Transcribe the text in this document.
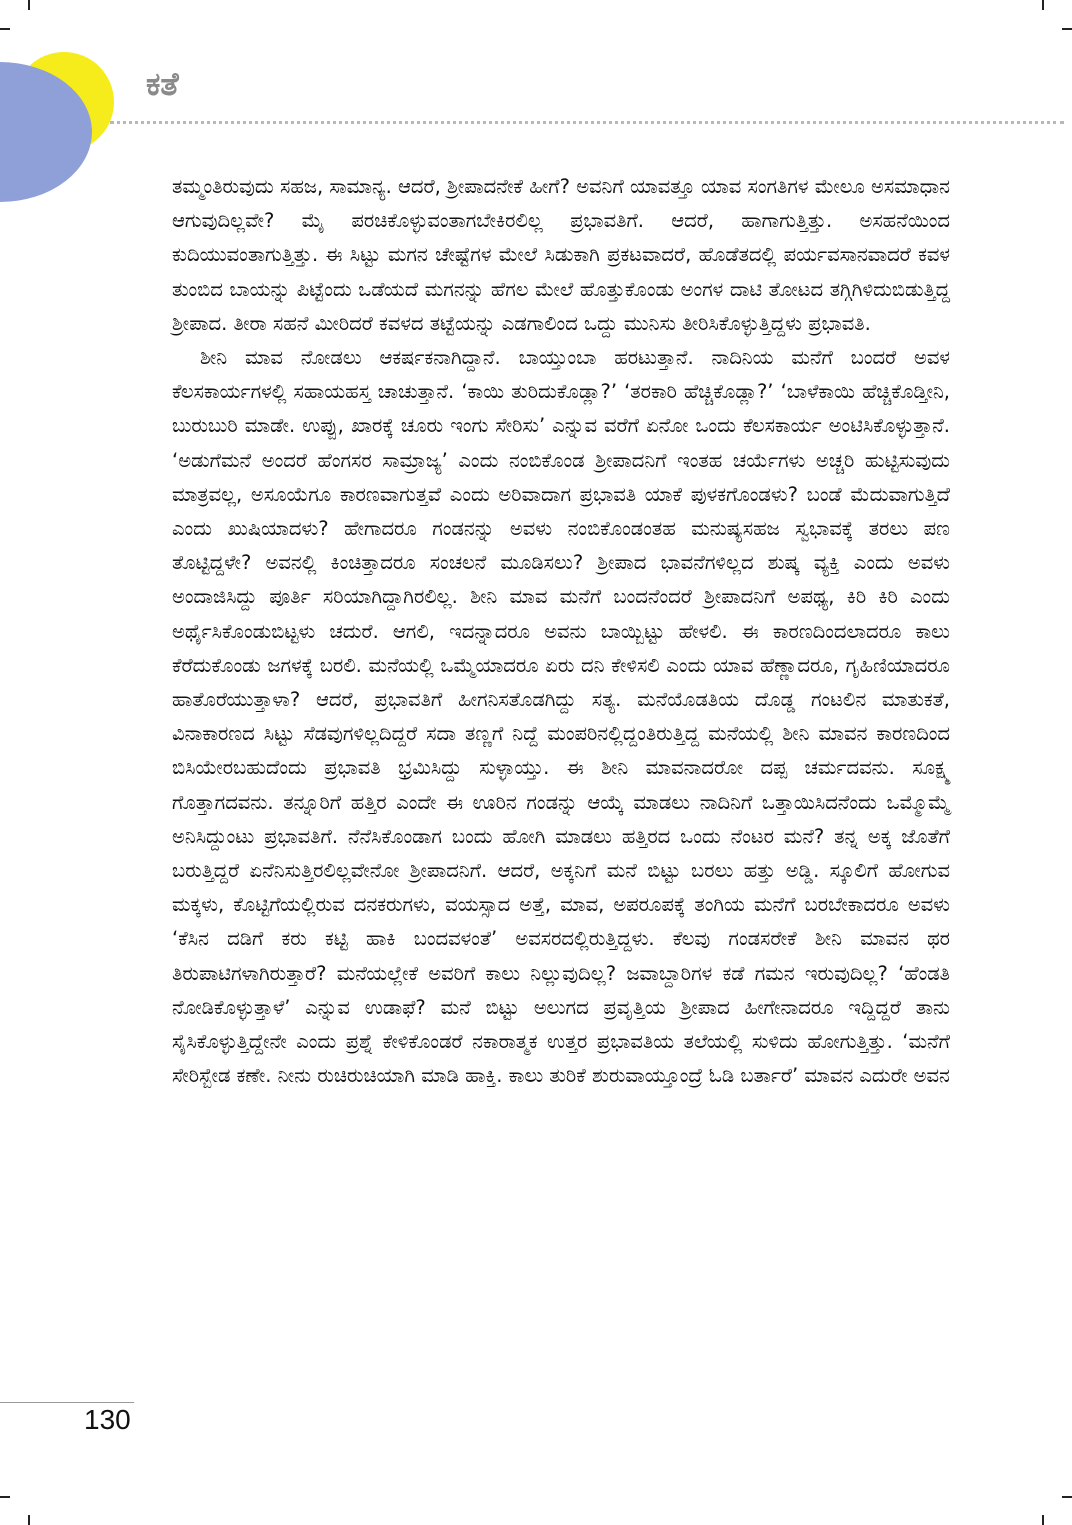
ಕತೆ

ತಮ್ಮಂತಿರುವುದು ಸಹಜ, ಸಾಮಾನ್ಯ. ಆದರೆ, ಶ್ರೀಪಾದನೇಕೆ ಹೀಗೆ? ಅವನಿಗೆ ಯಾವತ್ತೂ ಯಾವ ಸಂಗತಿಗಳ ಮೇಲೂ ಅಸಮಾಧಾನ ಆಗುವುದಿಲ್ಲವೇ? ಮೈ ಪರಚಿಕೊಳ್ಳುವಂತಾಗಬೇಕಿರಲಿಲ್ಲ ಪ್ರಭಾವತಿಗೆ. ಆದರೆ, ಹಾಗಾಗುತ್ತಿತ್ತು. ಅಸಹನೆಯಿಂದ ಕುದಿಯುವಂತಾಗುತ್ತಿತ್ತು. ಈ ಸಿಟ್ಟು ಮಗನ ಚೇಷ್ಟೆಗಳ ಮೇಲೆ ಸಿಡುಕಾಗಿ ಪ್ರಕಟವಾದರೆ, ಹೊಡೆತದಲ್ಲಿ ಪರ್ಯವಸಾನವಾದರೆ ಕವಳ ತುಂಬಿದ ಬಾಯನ್ನು ಪಿಟ್ಟೆಂದು ಒಡೆಯದೆ ಮಗನನ್ನು ಹೆಗಲ ಮೇಲೆ ಹೊತ್ತುಕೊಂಡು ಅಂಗಳ ದಾಟಿ ತೋಟದ ತಗ್ಗಿಗಿಳಿದುಬಿಡುತ್ತಿದ್ದ ಶ್ರೀಪಾದ. ತೀರಾ ಸಹನೆ ಮೀರಿದರೆ ಕವಳದ ತಟ್ಟೆಯನ್ನು ಎಡಗಾಲಿಂದ ಒದ್ದು ಮುನಿಸು ತೀರಿಸಿಕೊಳ್ಳುತ್ತಿದ್ದಳು ಪ್ರಭಾವತಿ.

ಶೀನಿ ಮಾವ ನೋಡಲು ಆಕರ್ಷಕನಾಗಿದ್ದಾನೆ. ಬಾಯ್ತುಂಬಾ ಹರಟುತ್ತಾನೆ. ನಾದಿನಿಯ ಮನೆಗೆ ಬಂದರೆ ಅವಳ ಕೆಲಸಕಾರ್ಯಗಳಲ್ಲಿ ಸಹಾಯಹಸ್ತ ಚಾಚುತ್ತಾನೆ. ‘ಕಾಯಿ ತುರಿದುಕೊಡ್ಲಾ?’ ‘ತರಕಾರಿ ಹೆಚ್ಚಿಕೊಡ್ಲಾ?’ ‘ಬಾಳೆಕಾಯಿ ಹೆಚ್ಚಿಕೊಡ್ತೀನಿ, ಬುರುಬುರಿ ಮಾಡೇ. ಉಪ್ಪು, ಖಾರಕ್ಕೆ ಚೂರು ಇಂಗು ಸೇರಿಸು’ ಎನ್ನುವ ವರೆಗೆ ಏನೋ ಒಂದು ಕೆಲಸಕಾರ್ಯ ಅಂಟಿಸಿಕೊಳ್ಳುತ್ತಾನೆ. ‘ಅಡುಗೆಮನೆ ಅಂದರೆ ಹೆಂಗಸರ ಸಾಮ್ರಾಜ್ಯ’ ಎಂದು ನಂಬಿಕೊಂಡ ಶ್ರೀಪಾದನಿಗೆ ಇಂತಹ ಚರ್ಯೆಗಳು ಅಚ್ಚರಿ ಹುಟ್ಟಿಸುವುದು ಮಾತ್ರವಲ್ಲ, ಅಸೂಯೆಗೂ ಕಾರಣವಾಗುತ್ತವೆ ಎಂದು ಅರಿವಾದಾಗ ಪ್ರಭಾವತಿ ಯಾಕೆ ಪುಳಕಗೊಂಡಳು? ಬಂಡೆ ಮೆದುವಾಗುತ್ತಿದೆ ಎಂದು ಖುಷಿಯಾದಳು? ಹೇಗಾದರೂ ಗಂಡನನ್ನು ಅವಳು ನಂಬಿಕೊಂಡಂತಹ ಮನುಷ್ಯಸಹಜ ಸ್ವಭಾವಕ್ಕೆ ತರಲು ಪಣ ತೊಟ್ಟಿದ್ದಳೇ? ಅವನಲ್ಲಿ ಕಿಂಚಿತ್ತಾದರೂ ಸಂಚಲನೆ ಮೂಡಿಸಲು? ಶ್ರೀಪಾದ ಭಾವನೆಗಳಿಲ್ಲದ ಶುಷ್ಕ ವ್ಯಕ್ತಿ ಎಂದು ಅವಳು ಅಂದಾಜಿಸಿದ್ದು ಪೂರ್ತಿ ಸರಿಯಾಗಿದ್ದಾಗಿರಲಿಲ್ಲ. ಶೀನಿ ಮಾವ ಮನೆಗೆ ಬಂದನೆಂದರೆ ಶ್ರೀಪಾದನಿಗೆ ಅಪಥ್ಯ, ಕಿರಿ ಕಿರಿ ಎಂದು ಅರ್ಥೈಸಿಕೊಂಡುಬಿಟ್ಟಳು ಚದುರೆ. ಆಗಲಿ, ಇದನ್ನಾದರೂ ಅವನು ಬಾಯ್ಬಿಟ್ಟು ಹೇಳಲಿ. ಈ ಕಾರಣದಿಂದಲಾದರೂ ಕಾಲು ಕೆರೆದುಕೊಂಡು ಜಗಳಕ್ಕೆ ಬರಲಿ. ಮನೆಯಲ್ಲಿ ಒಮ್ಮೆಯಾದರೂ ಏರು ದನಿ ಕೇಳಿಸಲಿ ಎಂದು ಯಾವ ಹೆಣ್ಣಾದರೂ, ಗೃಹಿಣಿಯಾದರೂ ಹಾತೊರೆಯುತ್ತಾಳಾ? ಆದರೆ, ಪ್ರಭಾವತಿಗೆ ಹೀಗನಿಸತೊಡಗಿದ್ದು ಸತ್ಯ. ಮನೆಯೊಡತಿಯ ದೊಡ್ಡ ಗಂಟಲಿನ ಮಾತುಕತೆ, ವಿನಾಕಾರಣದ ಸಿಟ್ಟು ಸೆಡವುಗಳಿಲ್ಲದಿದ್ದರೆ ಸದಾ ತಣ್ಣಗೆ ನಿದ್ದೆ ಮಂಪರಿನಲ್ಲಿದ್ದಂತಿರುತ್ತಿದ್ದ ಮನೆಯಲ್ಲಿ ಶೀನಿ ಮಾವನ ಕಾರಣದಿಂದ ಬಿಸಿಯೇರಬಹುದೆಂದು ಪ್ರಭಾವತಿ ಭ್ರಮಿಸಿದ್ದು ಸುಳ್ಳಾಯ್ತು. ಈ ಶೀನಿ ಮಾವನಾದರೋ ದಪ್ಪ ಚರ್ಮದವನು. ಸೂಕ್ಷ್ಮ ಗೊತ್ತಾಗದವನು. ತನ್ನೂರಿಗೆ ಹತ್ತಿರ ಎಂದೇ ಈ ಊರಿನ ಗಂಡನ್ನು ಆಯ್ಕೆ ಮಾಡಲು ನಾದಿನಿಗೆ ಒತ್ತಾಯಿಸಿದನೆಂದು ಒಮ್ಮೊಮ್ಮೆ ಅನಿಸಿದ್ದುಂಟು ಪ್ರಭಾವತಿಗೆ. ನೆನೆಸಿಕೊಂಡಾಗ ಬಂದು ಹೋಗಿ ಮಾಡಲು ಹತ್ತಿರದ ಒಂದು ನೆಂಟರ ಮನೆ? ತನ್ನ ಅಕ್ಕ ಜೊತೆಗೆ ಬರುತ್ತಿದ್ದರೆ ಏನೆನಿಸುತ್ತಿರಲಿಲ್ಲವೇನೋ ಶ್ರೀಪಾದನಿಗೆ. ಆದರೆ, ಅಕ್ಕನಿಗೆ ಮನೆ ಬಿಟ್ಟು ಬರಲು ಹತ್ತು ಅಡ್ಡಿ. ಸ್ಕೂಲಿಗೆ ಹೋಗುವ ಮಕ್ಕಳು, ಕೊಟ್ಟಿಗೆಯಲ್ಲಿರುವ ದನಕರುಗಳು, ವಯಸ್ಸಾದ ಅತ್ತೆ, ಮಾವ, ಅಪರೂಪಕ್ಕೆ ತಂಗಿಯ ಮನೆಗೆ ಬರಬೇಕಾದರೂ ಅವಳು ‘ಕೆಸಿನ ದಡಿಗೆ ಕರು ಕಟ್ಟಿ ಹಾಕಿ ಬಂದವಳಂತೆ’ ಅವಸರದಲ್ಲಿರುತ್ತಿದ್ದಳು. ಕೆಲವು ಗಂಡಸರೇಕೆ ಶೀನಿ ಮಾವನ ಥರ ತಿರುಪಾಟಿಗಳಾಗಿರುತ್ತಾರೆ? ಮನೆಯಲ್ಲೇಕೆ ಅವರಿಗೆ ಕಾಲು ನಿಲ್ಲುವುದಿಲ್ಲ? ಜವಾಬ್ದಾರಿಗಳ ಕಡೆ ಗಮನ ಇರುವುದಿಲ್ಲ? ‘ಹೆಂಡತಿ ನೋಡಿಕೊಳ್ಳುತ್ತಾಳೆ’ ಎನ್ನುವ ಉಡಾಫೆ? ಮನೆ ಬಿಟ್ಟು ಅಲುಗದ ಪ್ರವೃತ್ತಿಯ ಶ್ರೀಪಾದ ಹೀಗೇನಾದರೂ ಇದ್ದಿದ್ದರೆ ತಾನು ಸೈಸಿಕೊಳ್ಳುತ್ತಿದ್ದೇನೇ ಎಂದು ಪ್ರಶ್ನೆ ಕೇಳಿಕೊಂಡರೆ ನಕಾರಾತ್ಮಕ ಉತ್ತರ ಪ್ರಭಾವತಿಯ ತಲೆಯಲ್ಲಿ ಸುಳಿದು ಹೋಗುತ್ತಿತ್ತು. ‘ಮನೆಗೆ ಸೇರಿಸ್ಬೇಡ ಕಣೇ. ನೀನು ರುಚಿರುಚಿಯಾಗಿ ಮಾಡಿ ಹಾಕ್ತಿ. ಕಾಲು ತುರಿಕೆ ಶುರುವಾಯ್ತೂಂದ್ರೆ ಓಡಿ ಬರ್ತಾರೆ’ ಮಾವನ ಎದುರೇ ಅವನ

130
